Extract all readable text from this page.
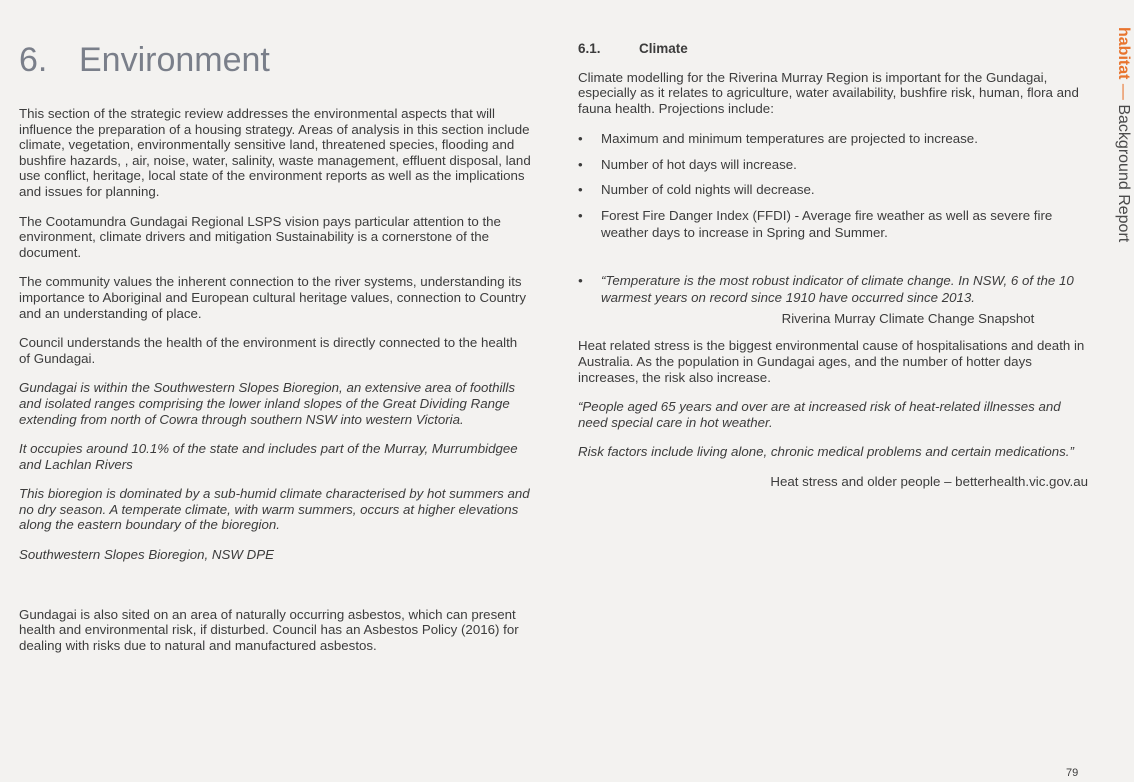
6. Environment

This section of the strategic review addresses the environmental aspects that will influence the preparation of a housing strategy. Areas of analysis in this section include climate, vegetation, environmentally sensitive land, threatened species, flooding and bushfire hazards, , air, noise, water, salinity, waste management, effluent disposal, land use conflict, heritage, local state of the environment reports as well as the implications and issues for planning.

The Cootamundra Gundagai Regional LSPS vision pays particular attention to the environment, climate drivers and mitigation Sustainability is a cornerstone of the document.

The community values the inherent connection to the river systems, understanding its importance to Aboriginal and European cultural heritage values, connection to Country and an understanding of place.

Council understands the health of the environment is directly connected to the health of Gundagai.

Gundagai is within the Southwestern Slopes Bioregion, an extensive area of foothills and isolated ranges comprising the lower inland slopes of the Great Dividing Range extending from north of Cowra through southern NSW into western Victoria.

It occupies around 10.1% of the state and includes part of the Murray, Murrumbidgee and Lachlan Rivers

This bioregion is dominated by a sub-humid climate characterised by hot summers and no dry season. A temperate climate, with warm summers, occurs at higher elevations along the eastern boundary of the bioregion.

Southwestern Slopes Bioregion, NSW DPE

Gundagai is also sited on an area of naturally occurring asbestos, which can present health and environmental risk, if disturbed. Council has an Asbestos Policy (2016) for dealing with risks due to natural and manufactured asbestos.

6.1.	Climate

Climate modelling for the Riverina Murray Region is important for the Gundagai, especially as it relates to agriculture, water availability, bushfire risk, human, flora and fauna health. Projections include:

• Maximum and minimum temperatures are projected to increase.
• Number of hot days will increase.
• Number of cold nights will decrease.
• Forest Fire Danger Index (FFDI) - Average fire weather as well as severe fire weather days to increase in Spring and Summer.
• “Temperature is the most robust indicator of climate change. In NSW, 6 of the 10 warmest years on record since 1910 have occurred since 2013.

Riverina Murray Climate Change Snapshot

Heat related stress is the biggest environmental cause of hospitalisations and death in Australia. As the population in Gundagai ages, and the number of hotter days increases, the risk also increase.

“People aged 65 years and over are at increased risk of heat-related illnesses and need special care in hot weather.

Risk factors include living alone, chronic medical problems and certain medications.”

Heat stress and older people – betterhealth.vic.gov.au

habitat — Background Report
79
